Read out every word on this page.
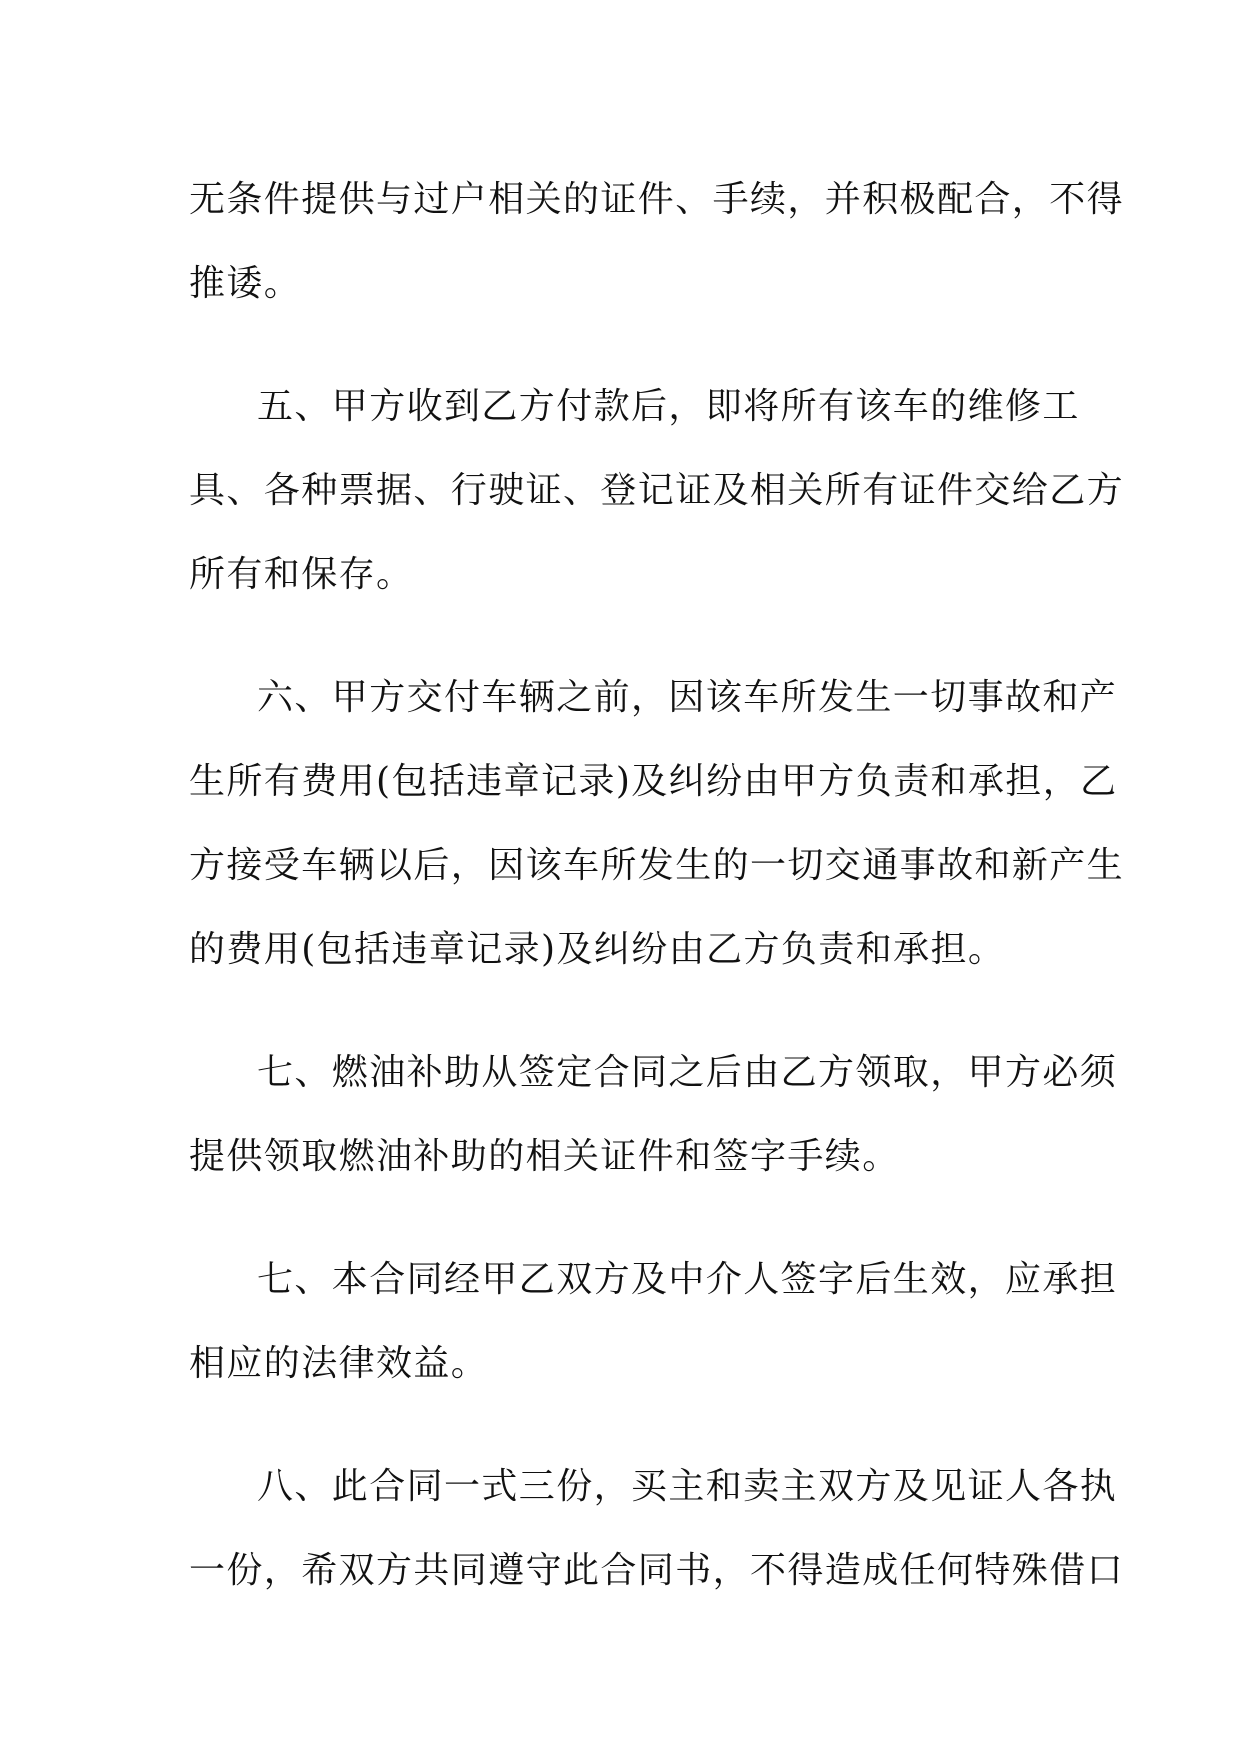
无条件提供与过户相关的证件、手续，并积极配合，不得
推诿。
五、甲方收到乙方付款后，即将所有该车的维修工
具、各种票据、行驶证、登记证及相关所有证件交给乙方
所有和保存。
六、甲方交付车辆之前，因该车所发生一切事故和产
生所有费用(包括违章记录)及纠纷由甲方负责和承担，乙
方接受车辆以后，因该车所发生的一切交通事故和新产生
的费用(包括违章记录)及纠纷由乙方负责和承担。
七、燃油补助从签定合同之后由乙方领取，甲方必须
提供领取燃油补助的相关证件和签字手续。
七、本合同经甲乙双方及中介人签字后生效，应承担
相应的法律效益。
八、此合同一式三份，买主和卖主双方及见证人各执
一份，希双方共同遵守此合同书，不得造成任何特殊借口
